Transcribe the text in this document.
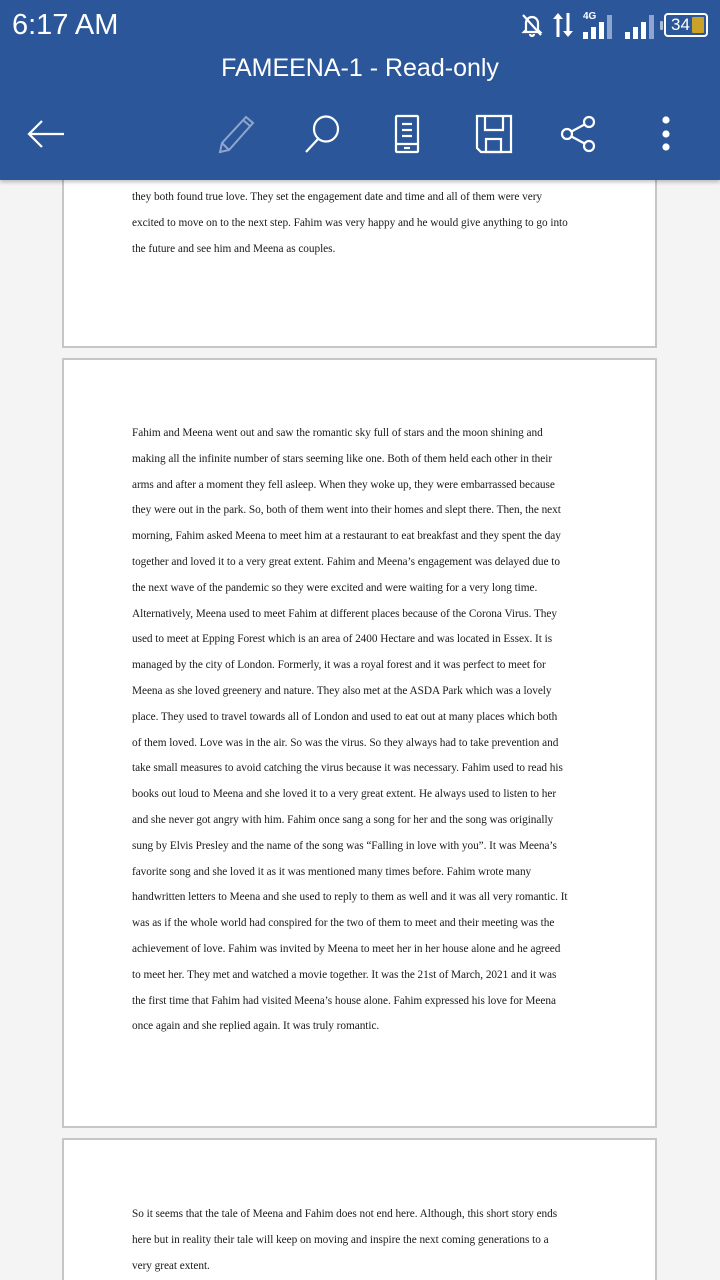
6:17 AM	4G	34
FAMEENA-1 - Read-only
they both found true love. They set the engagement date and time and all of them were very
excited to move on to the next step. Fahim was very happy and he would give anything to go into
the future and see him and Meena as couples.
Fahim and Meena went out and saw the romantic sky full of stars and the moon shining and
making all the infinite number of stars seeming like one. Both of them held each other in their
arms and after a moment they fell asleep. When they woke up, they were embarrassed because
they were out in the park. So, both of them went into their homes and slept there. Then, the next
morning, Fahim asked Meena to meet him at a restaurant to eat breakfast and they spent the day
together and loved it to a very great extent. Fahim and Meena’s engagement was delayed due to
the next wave of the pandemic so they were excited and were waiting for a very long time.
Alternatively, Meena used to meet Fahim at different places because of the Corona Virus. They
used to meet at Epping Forest which is an area of 2400 Hectare and was located in Essex. It is
managed by the city of London. Formerly, it was a royal forest and it was perfect to meet for
Meena as she loved greenery and nature. They also met at the ASDA Park which was a lovely
place. They used to travel towards all of London and used to eat out at many places which both
of them loved. Love was in the air. So was the virus. So they always had to take prevention and
take small measures to avoid catching the virus because it was necessary. Fahim used to read his
books out loud to Meena and she loved it to a very great extent. He always used to listen to her
and she never got angry with him. Fahim once sang a song for her and the song was originally
sung by Elvis Presley and the name of the song was “Falling in love with you”. It was Meena’s
favorite song and she loved it as it was mentioned many times before. Fahim wrote many
handwritten letters to Meena and she used to reply to them as well and it was all very romantic. It
was as if the whole world had conspired for the two of them to meet and their meeting was the
achievement of love. Fahim was invited by Meena to meet her in her house alone and he agreed
to meet her. They met and watched a movie together. It was the 21st of March, 2021 and it was
the first time that Fahim had visited Meena’s house alone. Fahim expressed his love for Meena
once again and she replied again. It was truly romantic.
So it seems that the tale of Meena and Fahim does not end here. Although, this short story ends
here but in reality their tale will keep on moving and inspire the next coming generations to a
very great extent.
